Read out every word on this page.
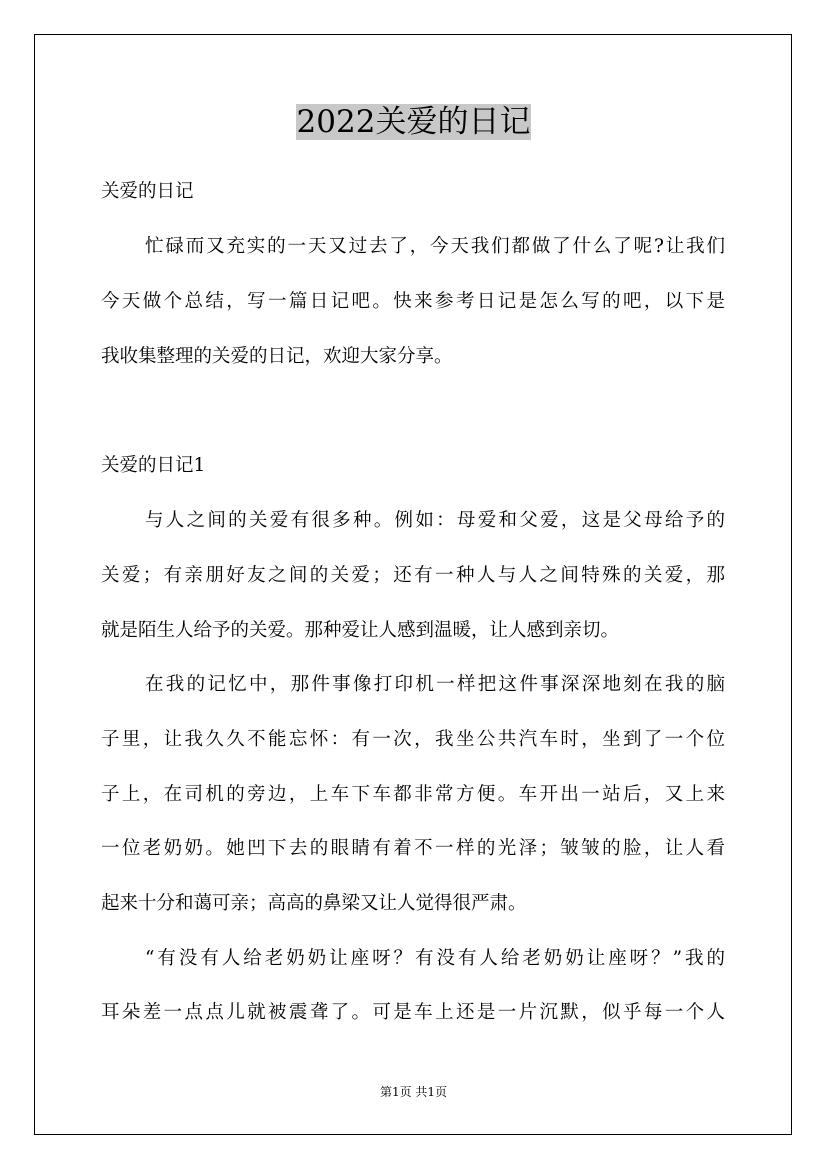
2022关爱的日记
关爱的日记
忙碌而又充实的一天又过去了，今天我们都做了什么了呢?让我们
今天做个总结，写一篇日记吧。快来参考日记是怎么写的吧，以下是
我收集整理的关爱的日记，欢迎大家分享。
关爱的日记1
与人之间的关爱有很多种。例如：母爱和父爱，这是父母给予的
关爱；有亲朋好友之间的关爱；还有一种人与人之间特殊的关爱，那
就是陌生人给予的关爱。那种爱让人感到温暖，让人感到亲切。
在我的记忆中，那件事像打印机一样把这件事深深地刻在我的脑
子里，让我久久不能忘怀：有一次，我坐公共汽车时，坐到了一个位
子上，在司机的旁边，上车下车都非常方便。车开出一站后，又上来
一位老奶奶。她凹下去的眼睛有着不一样的光泽；皱皱的脸，让人看
起来十分和蔼可亲；高高的鼻梁又让人觉得很严肃。
“有没有人给老奶奶让座呀？有没有人给老奶奶让座呀？”我的
耳朵差一点点儿就被震聋了。可是车上还是一片沉默，似乎每一个人
第1页 共1页
